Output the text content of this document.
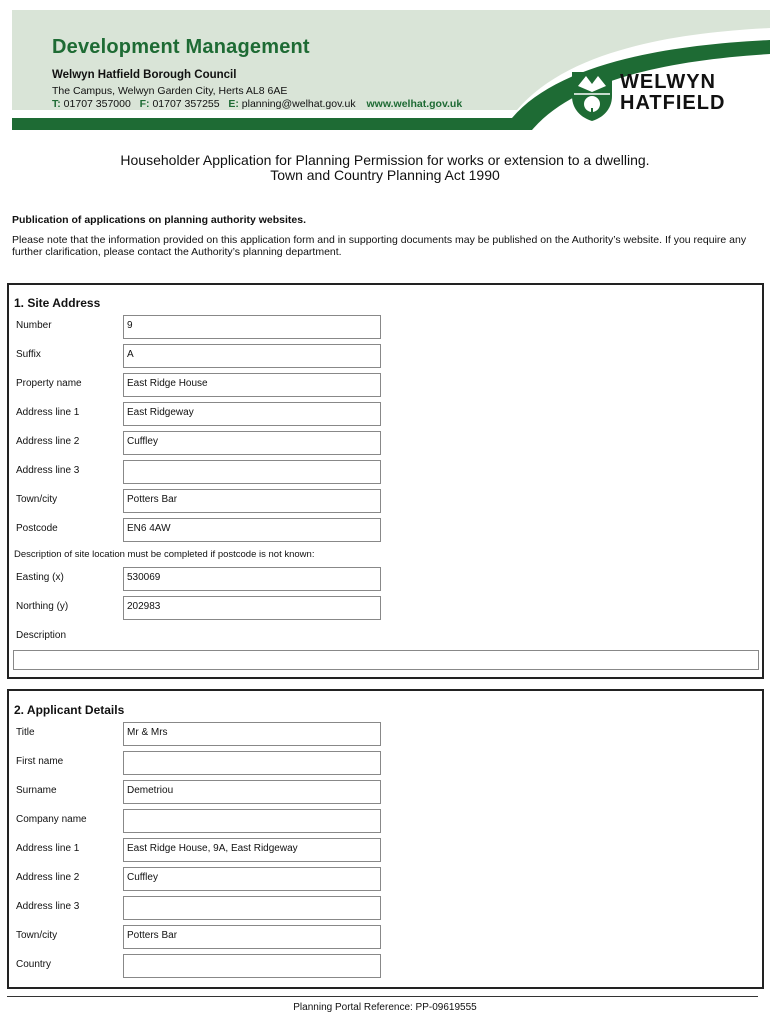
Development Management
Welwyn Hatfield Borough Council
The Campus, Welwyn Garden City, Herts AL8 6AE
T: 01707 357000 F: 01707 357255 E: planning@welhat.gov.uk www.welhat.gov.uk
WELWYN
HATFIELD
Householder Application for Planning Permission for works or extension to a dwelling.
Town and Country Planning Act 1990
Publication of applications on planning authority websites.
Please note that the information provided on this application form and in supporting documents may be published on the Authority’s website. If you require any further clarification, please contact the Authority’s planning department.
1. Site Address
Number	9
Suffix	A
Property name	East Ridge House
Address line 1	East Ridgeway
Address line 2	Cuffley
Address line 3
Town/city	Potters Bar
Postcode	EN6 4AW
Description of site location must be completed if postcode is not known:
Easting (x)	530069
Northing (y)	202983
Description
2. Applicant Details
Title	Mr & Mrs
First name
Surname	Demetriou
Company name
Address line 1	East Ridge House, 9A, East Ridgeway
Address line 2	Cuffley
Address line 3
Town/city	Potters Bar
Country
Planning Portal Reference: PP-09619555
